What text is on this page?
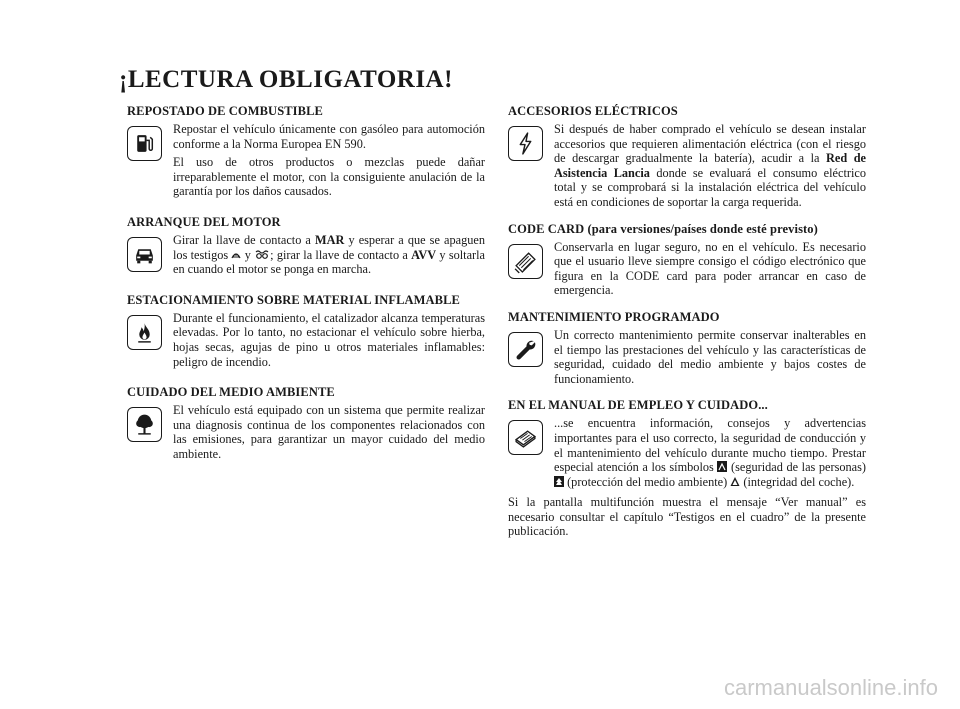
¡LECTURA OBLIGATORIA!
REPOSTADO DE COMBUSTIBLE

Repostar el vehículo únicamente con gasóleo para automoción conforme a la Norma Europea EN 590.

El uso de otros productos o mezclas puede dañar irreparablemente el motor, con la consiguiente anulación de la garantía por los daños causados.

ARRANQUE DEL MOTOR

Girar la llave de contacto a MAR y esperar a que se apaguen los testigos y ; girar la llave de contacto a AVV y soltarla en cuando el motor se ponga en marcha.

ESTACIONAMIENTO SOBRE MATERIAL INFLAMABLE

Durante el funcionamiento, el catalizador alcanza temperaturas elevadas. Por lo tanto, no estacionar el vehículo sobre hierba, hojas secas, agujas de pino u otros materiales inflamables: peligro de incendio.

CUIDADO DEL MEDIO AMBIENTE

El vehículo está equipado con un sistema que permite realizar una diagnosis continua de los componentes relacionados con las emisiones, para garantizar un mayor cuidado del medio ambiente.

ACCESORIOS ELÉCTRICOS

Si después de haber comprado el vehículo se desean instalar accesorios que requieren alimentación eléctrica (con el riesgo de descargar gradualmente la batería), acudir a la Red de Asistencia Lancia donde se evaluará el consumo eléctrico total y se comprobará si la instalación eléctrica del vehículo está en condiciones de soportar la carga requerida.

CODE CARD (para versiones/países donde esté previsto)

Conservarla en lugar seguro, no en el vehículo. Es necesario que el usuario lleve siempre consigo el código electrónico que figura en la CODE card para poder arrancar en caso de emergencia.

MANTENIMIENTO PROGRAMADO

Un correcto mantenimiento permite conservar inalterables en el tiempo las prestaciones del vehículo y las características de seguridad, cuidado del medio ambiente y bajos costes de funcionamiento.

EN EL MANUAL DE EMPLEO Y CUIDADO...

...se encuentra información, consejos y advertencias importantes para el uso correcto, la seguridad de conducción y el mantenimiento del vehículo durante mucho tiempo. Prestar especial atención a los símbolos (seguridad de las personas)
(protección del medio ambiente) (integridad del coche).

Si la pantalla multifunción muestra el mensaje “Ver manual” es necesario consultar el capítulo “Testigos en el cuadro” de la presente publicación.
carmanualsonline.info
